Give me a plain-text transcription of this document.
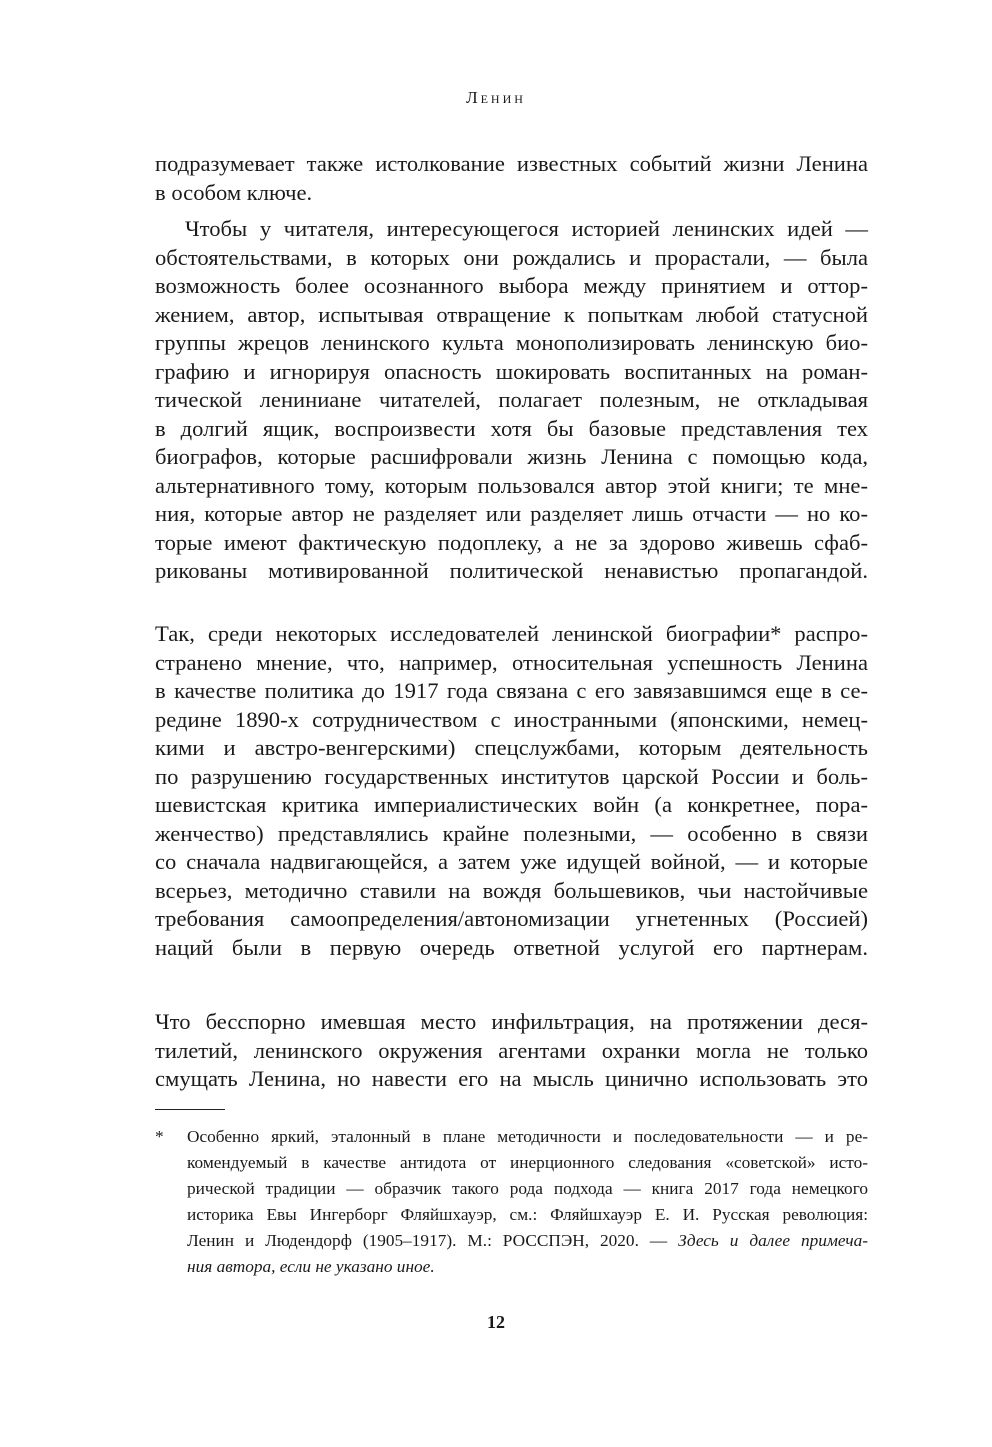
Ленин
подразумевает также истолкование известных событий жизни Ленина
в особом ключе.
Чтобы у читателя, интересующегося историей ленинских идей —
обстоятельствами, в которых они рождались и прорастали, — была
возможность более осознанного выбора между принятием и оттор-
жением, автор, испытывая отвращение к попыткам любой статусной
группы жрецов ленинского культа монополизировать ленинскую био-
графию и игнорируя опасность шокировать воспитанных на роман-
тической лениниане читателей, полагает полезным, не откладывая
в долгий ящик, воспроизвести хотя бы базовые представления тех
биографов, которые расшифровали жизнь Ленина с помощью кода,
альтернативного тому, которым пользовался автор этой книги; те мне-
ния, которые автор не разделяет или разделяет лишь отчасти — но ко-
торые имеют фактическую подоплеку, а не за здорово живешь сфаб-
рикованы мотивированной политической ненавистью пропагандой.
Так, среди некоторых исследователей ленинской биографии* распро-
странено мнение, что, например, относительная успешность Ленина
в качестве политика до 1917 года связана с его завязавшимся еще в се-
редине 1890-х сотрудничеством с иностранными (японскими, немец-
кими и австро-венгерскими) спецслужбами, которым деятельность
по разрушению государственных институтов царской России и боль-
шевистская критика империалистических войн (а конкретнее, пора-
женчество) представлялись крайне полезными, — особенно в связи
со сначала надвигающейся, а затем уже идущей войной, — и которые
всерьез, методично ставили на вождя большевиков, чьи настойчивые
требования самоопределения/автономизации угнетенных (Россией)
наций были в первую очередь ответной услугой его партнерам.
Что бесспорно имевшая место инфильтрация, на протяжении деся-
тилетий, ленинского окружения агентами охранки могла не только
смущать Ленина, но навести его на мысль цинично использовать это
* Особенно яркий, эталонный в плане методичности и последовательности — и ре-
комендуемый в качестве антидота от инерционного следования «советской» исто-
рической традиции — образчик такого рода подхода — книга 2017 года немецкого
историка Евы Ингерборг Фляйшхауэр, см.: Фляйшхауэр Е. И. Русская революция:
Ленин и Людендорф (1905–1917). М.: РОССПЭН, 2020. — Здесь и далее примеча-
ния автора, если не указано иное.
12
